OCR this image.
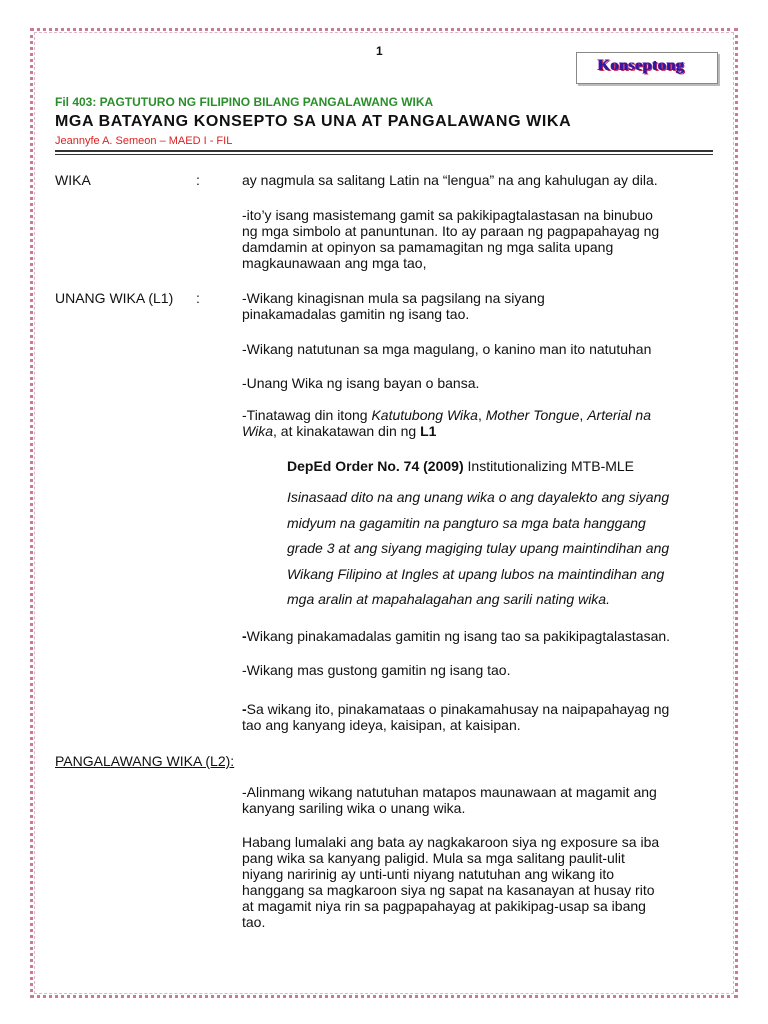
1
Konseptong
Fil 403: PAGTUTURO NG FILIPINO BILANG PANGALAWANG WIKA
MGA BATAYANG KONSEPTO SA UNA AT PANGALAWANG WIKA
Jeannyfe A. Semeon – MAED I - FIL
WIKA	:	ay nagmula sa salitang Latin na “lengua” na ang kahulugan ay dila.
-ito’y isang masistemang gamit sa pakikipagtalastasan na binubuo
ng mga simbolo at panuntunan. Ito ay paraan ng pagpapahayag ng
damdamin at opinyon sa pamamagitan ng mga salita upang
magkaunawaan ang mga tao,
UNANG WIKA (L1) :	-Wikang kinagisnan mula sa pagsilang na siyang
pinakamadalas gamitin ng isang tao.
-Wikang natutunan sa mga magulang, o kanino man ito natutuhan
-Unang Wika ng isang bayan o bansa.
-Tinatawag din itong Katutubong Wika, Mother Tongue, Arterial na
Wika, at kinakatawan din ng L1
DepEd Order No. 74 (2009) Institutionalizing MTB-MLE
Isinasaad dito na ang unang wika o ang dayalekto ang siyang
midyum na gagamitin na pangturo sa mga bata hanggang
grade 3 at ang siyang magiging tulay upang maintindihan ang
Wikang Filipino at Ingles at upang lubos na maintindihan ang
mga aralin at mapahalagahan ang sarili nating wika.
-Wikang pinakamadalas gamitin ng isang tao sa pakikipagtalastasan.
-Wikang mas gustong gamitin ng isang tao.
-Sa wikang ito, pinakamataas o pinakamahusay na naipapahayag ng
tao ang kanyang ideya, kaisipan, at kaisipan.
PANGALAWANG WIKA (L2):
-Alinmang wikang natutuhan matapos maunawaan at magamit ang
kanyang sariling wika o unang wika.
Habang lumalaki ang bata ay nagkakaroon siya ng exposure sa iba
pang wika sa kanyang paligid. Mula sa mga salitang paulit-ulit
niyang naririnig ay unti-unti niyang natutuhan ang wikang ito
hanggang sa magkaroon siya ng sapat na kasanayan at husay rito
at magamit niya rin sa pagpapahayag at pakikipag-usap sa ibang
tao.
